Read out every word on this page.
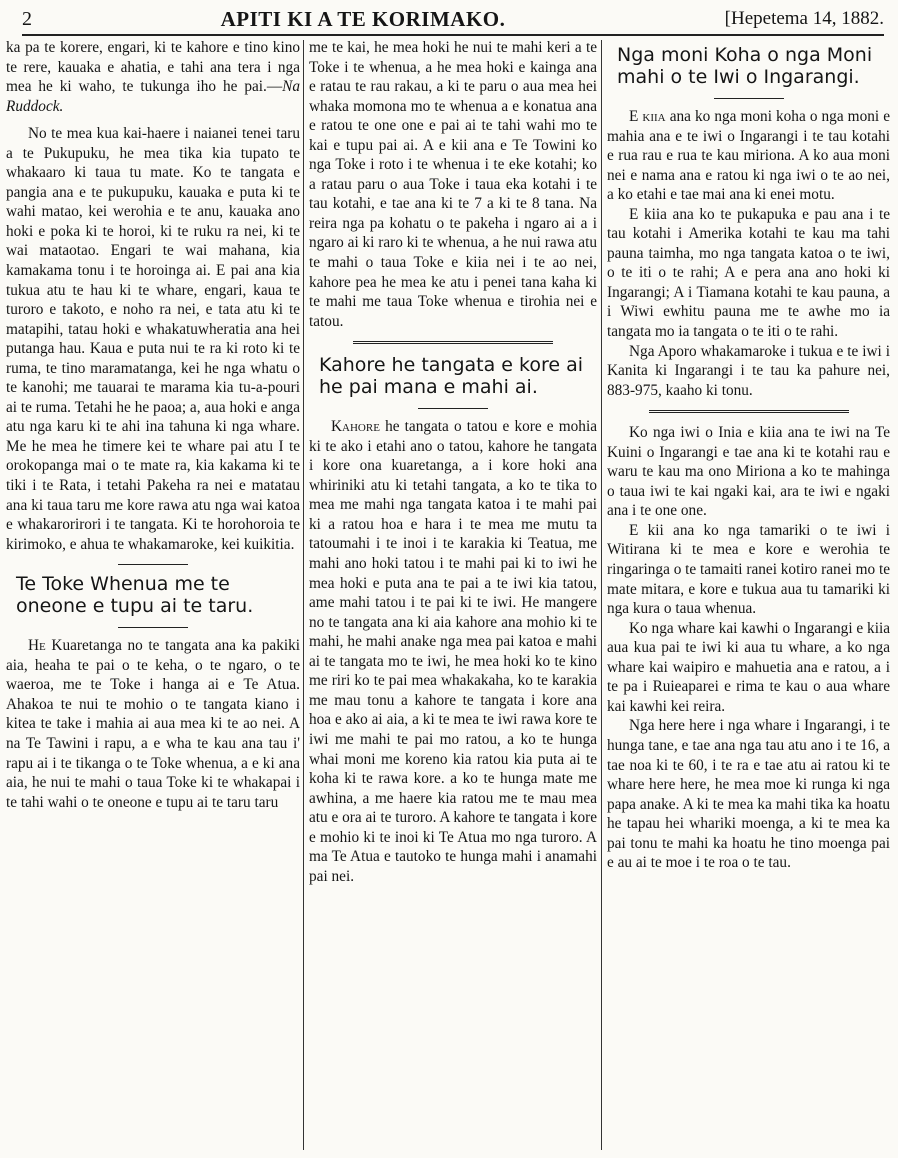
2	APITI KI A TE KORIMAKO.	[Hepetema 14, 1882.

ka pa te korere, engari, ki te kahore e tino kino te rere, kauaka e ahatia, e tahi ana tera i nga mea he ki waho, te tukunga iho he pai.—Na Ruddock.

No te mea kua kai-haere i naianei tenei taru a te Pukupuku, he mea tika kia tupato te whakaaro ki taua tu mate. Ko te tangata e pangia ana e te pukupuku, kauaka e puta ki te wahi matao, kei werohia e te anu, kauaka ano hoki e poka ki te horoi, ki te ruku ra nei, ki te wai mataotao. Engari te wai mahana, kia kamakama tonu i te horoinga ai. E pai ana kia tukua atu te hau ki te whare, engari, kaua te turoro e takoto, e noho ra nei, e tata atu ki te matapihi, tatau hoki e whakatuwheratia ana hei putanga hau. Kaua e puta nui te ra ki roto ki te ruma, te tino maramatanga, kei he nga whatu o te kanohi; me tauarai te marama kia tu-a-pouri ai te ruma. Tetahi he he paoa; a, aua hoki e anga atu nga karu ki te ahi ina tahuna ki nga whare. Me he mea he timere kei te whare pai atu I te orokopanga mai o te mate ra, kia kakama ki te tiki i te Rata, i tetahi Pakeha ra nei e matatau ana ki taua taru me kore rawa atu nga wai katoa e whakarorirori i te tangata. Ki te horohoroia te kirimoko, e ahua te whakamaroke, kei kuikitia.

Te Toke Whenua me te oneone e tupu ai te taru.

He Kuaretanga no te tangata ana ka pakiki aia, heaha te pai o te keha, o te ngaro, o te waeroa, me te Toke i hanga ai e Te Atua. Ahakoa te nui te mohio o te tangata kiano i kitea te take i mahia ai aua mea ki te ao nei. A na Te Tawini i rapu, a e wha te kau ana tau i' rapu ai i te tikanga o te Toke whenua, a e ki ana aia, he nui te mahi o taua Toke ki te whakapai i te tahi wahi o te oneone e tupu ai te taru taru

me te kai, he mea hoki he nui te mahi keri a te Toke i te whenua, a he mea hoki e kainga ana e ratau te rau rakau, a ki te paru o aua mea hei whaka momona mo te whenua a e konatua ana e ratou te one one e pai ai te tahi wahi mo te kai e tupu pai ai. A e kii ana e Te Towini ko nga Toke i roto i te whenua i te eke kotahi; ko a ratau paru o aua Toke i taua eka kotahi i te tau kotahi, e tae ana ki te 7 a ki te 8 tana. Na reira nga pa kohatu o te pakeha i ngaro ai a i ngaro ai ki raro ki te whenua, a he nui rawa atu te mahi o taua Toke e kiia nei i te ao nei, kahore pea he mea ke atu i penei tana kaha ki te mahi me taua Toke whenua e tirohia nei e tatou.

Kahore he tangata e kore ai he pai mana e mahi ai.

Kahore he tangata o tatou e kore e mohia ki te ako i etahi ano o tatou, kahore he tangata i kore ona kuaretanga, a i kore hoki ana whiriniki atu ki tetahi tangata, a ko te tika to mea me mahi nga tangata katoa i te mahi pai ki a ratou hoa e hara i te mea me mutu ta tatoumahi i te inoi i te karakia ki Teatua, me mahi ano hoki tatou i te mahi pai ki to iwi he mea hoki e puta ana te pai a te iwi kia tatou, ame mahi tatou i te pai ki te iwi. He mangere no te tangata ana ki aia kahore ana mohio ki te mahi, he mahi anake nga mea pai katoa e mahi ai te tangata mo te iwi, he mea hoki ko te kino me riri ko te pai mea whakakaha, ko te karakia me mau tonu a kahore te tangata i kore ana hoa e ako ai aia, a ki te mea te iwi rawa kore te iwi me mahi te pai mo ratou, a ko te hunga whai moni me koreno kia ratou kia puta ai te koha ki te rawa kore. a ko te hunga mate me awhina, a me haere kia ratou me te mau mea atu e ora ai te turoro. A kahore te tangata i kore e mohio ki te inoi ki Te Atua mo nga turoro. A ma Te Atua e tautoko te hunga mahi i anamahi pai nei.

Nga moni Koha o nga Moni mahi o te Iwi o Ingarangi.

E kiia ana ko nga moni koha o nga moni e mahia ana e te iwi o Ingarangi i te tau kotahi e rua rau e rua te kau miriona. A ko aua moni nei e nama ana e ratou ki nga iwi o te ao nei, a ko etahi e tae mai ana ki enei motu.

E kiia ana ko te pukapuka e pau ana i te tau kotahi i Amerika kotahi te kau ma tahi pauna taimha, mo nga tangata katoa o te iwi, o te iti o te rahi; A e pera ana ano hoki ki Ingarangi; A i Tiamana kotahi te kau pauna, a i Wiwi ewhitu pauna me te awhe mo ia tangata mo ia tangata o te iti o te rahi.

Nga Aporo whakamaroke i tukua e te iwi i Kanita ki Ingarangi i te tau ka pahure nei, 883-975, kaaho ki tonu.

Ko nga iwi o Inia e kiia ana te iwi na Te Kuini o Ingarangi e tae ana ki te kotahi rau e waru te kau ma ono Miriona a ko te mahinga o taua iwi te kai ngaki kai, ara te iwi e ngaki ana i te one one.

E kii ana ko nga tamariki o te iwi i Witirana ki te mea e kore e werohia te ringaringa o te tamaiti ranei kotiro ranei mo te mate mitara, e kore e tukua aua tu tamariki ki nga kura o taua whenua.

Ko nga whare kai kawhi o Ingarangi e kiia aua kua pai te iwi ki aua tu whare, a ko nga whare kai waipiro e mahuetia ana e ratou, a i te pa i Ruieaparei e rima te kau o aua whare kai kawhi kei reira.

Nga here here i nga whare i Ingarangi, i te hunga tane, e tae ana nga tau atu ano i te 16, a tae noa ki te 60, i te ra e tae atu ai ratou ki te whare here here, he mea moe ki runga ki nga papa anake. A ki te mea ka mahi tika ka hoatu he tapau hei whariki moenga, a ki te mea ka pai tonu te mahi ka hoatu he tino moenga pai e au ai te moe i te roa o te tau.
